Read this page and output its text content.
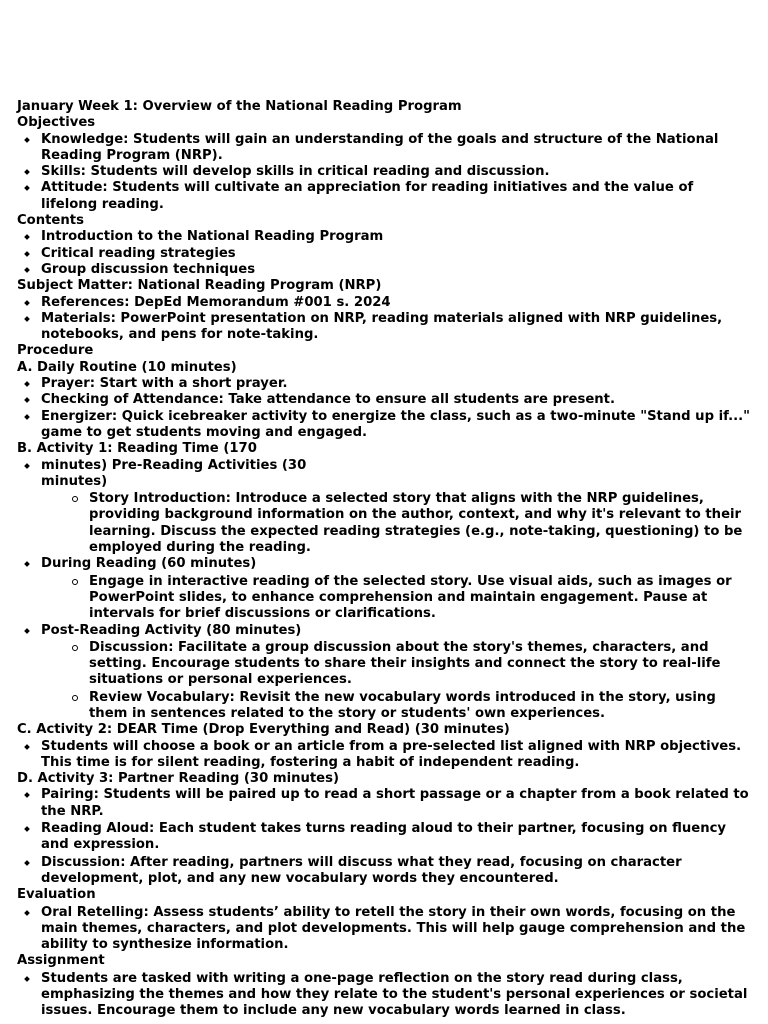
January Week 1: Overview of the National Reading Program

Objectives

Knowledge: Students will gain an understanding of the goals and structure of the National Reading Program (NRP).
Skills: Students will develop skills in critical reading and discussion.
Attitude: Students will cultivate an appreciation for reading initiatives and the value of lifelong reading.

Contents

Introduction to the National Reading Program
Critical reading strategies
Group discussion techniques

Subject Matter: National Reading Program (NRP)

References: DepEd Memorandum #001 s. 2024
Materials: PowerPoint presentation on NRP, reading materials aligned with NRP guidelines, notebooks, and pens for note-taking.

Procedure

A. Daily Routine (10 minutes)

Prayer: Start with a short prayer.
Checking of Attendance: Take attendance to ensure all students are present.
Energizer: Quick icebreaker activity to energize the class, such as a two-minute "Stand up if..." game to get students moving and engaged.

B. Activity 1: Reading Time (170

minutes) Pre-Reading Activities (30
minutes)
Story Introduction: Introduce a selected story that aligns with the NRP guidelines, providing background information on the author, context, and why it's relevant to their learning. Discuss the expected reading strategies (e.g., note-taking, questioning) to be employed during the reading.
During Reading (60 minutes)
Engage in interactive reading of the selected story. Use visual aids, such as images or PowerPoint slides, to enhance comprehension and maintain engagement. Pause at intervals for brief discussions or clarifications.
Post-Reading Activity (80 minutes)
Discussion: Facilitate a group discussion about the story's themes, characters, and setting. Encourage students to share their insights and connect the story to real-life situations or personal experiences.
Review Vocabulary: Revisit the new vocabulary words introduced in the story, using them in sentences related to the story or students' own experiences.

C. Activity 2: DEAR Time (Drop Everything and Read) (30 minutes)

Students will choose a book or an article from a pre-selected list aligned with NRP objectives. This time is for silent reading, fostering a habit of independent reading.

D. Activity 3: Partner Reading (30 minutes)

Pairing: Students will be paired up to read a short passage or a chapter from a book related to the NRP.
Reading Aloud: Each student takes turns reading aloud to their partner, focusing on fluency and expression.
Discussion: After reading, partners will discuss what they read, focusing on character development, plot, and any new vocabulary words they encountered.

Evaluation

Oral Retelling: Assess students’ ability to retell the story in their own words, focusing on the main themes, characters, and plot developments. This will help gauge comprehension and the ability to synthesize information.

Assignment

Students are tasked with writing a one-page reflection on the story read during class, emphasizing the themes and how they relate to the student's personal experiences or societal issues. Encourage them to include any new vocabulary words learned in class.
